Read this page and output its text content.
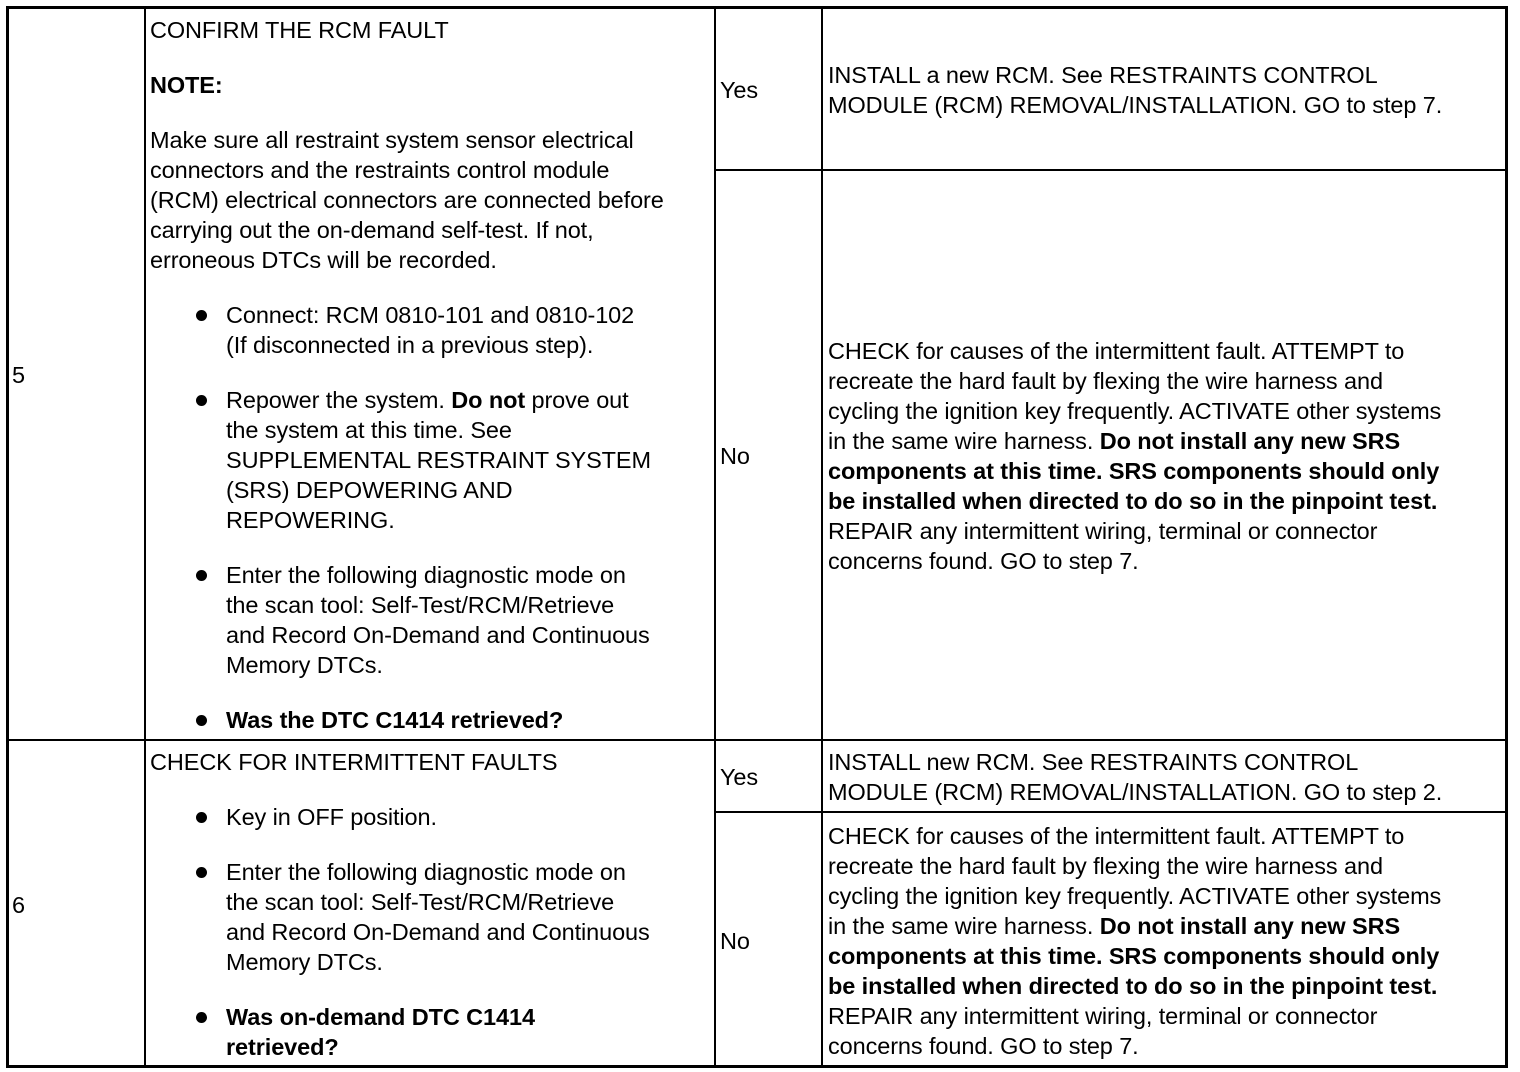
5

CONFIRM THE RCM FAULT

NOTE:

Make sure all restraint system sensor electrical

connectors and the restraints control module

(RCM) electrical connectors are connected before

carrying out the on-demand self-test. If not,

erroneous DTCs will be recorded.

Connect: RCM 0810-101 and 0810-102

(If disconnected in a previous step).

Repower the system. Do not prove out

the system at this time. See

SUPPLEMENTAL RESTRAINT SYSTEM

(SRS) DEPOWERING AND

REPOWERING.

Enter the following diagnostic mode on

the scan tool: Self-Test/RCM/Retrieve

and Record On-Demand and Continuous

Memory DTCs.

Was the DTC C1414 retrieved?

Yes

INSTALL a new RCM. See RESTRAINTS CONTROL

MODULE (RCM) REMOVAL/INSTALLATION. GO to step 7.

No

CHECK for causes of the intermittent fault. ATTEMPT to

recreate the hard fault by flexing the wire harness and

cycling the ignition key frequently. ACTIVATE other systems

in the same wire harness. Do not install any new SRS

components at this time. SRS components should only

be installed when directed to do so in the pinpoint test.

REPAIR any intermittent wiring, terminal or connector

concerns found. GO to step 7.

6

CHECK FOR INTERMITTENT FAULTS

Key in OFF position.

Enter the following diagnostic mode on

the scan tool: Self-Test/RCM/Retrieve

and Record On-Demand and Continuous

Memory DTCs.

Was on-demand DTC C1414

retrieved?

Yes

INSTALL new RCM. See RESTRAINTS CONTROL

MODULE (RCM) REMOVAL/INSTALLATION. GO to step 2.

No

CHECK for causes of the intermittent fault. ATTEMPT to

recreate the hard fault by flexing the wire harness and

cycling the ignition key frequently. ACTIVATE other systems

in the same wire harness. Do not install any new SRS

components at this time. SRS components should only

be installed when directed to do so in the pinpoint test.

REPAIR any intermittent wiring, terminal or connector

concerns found. GO to step 7.
